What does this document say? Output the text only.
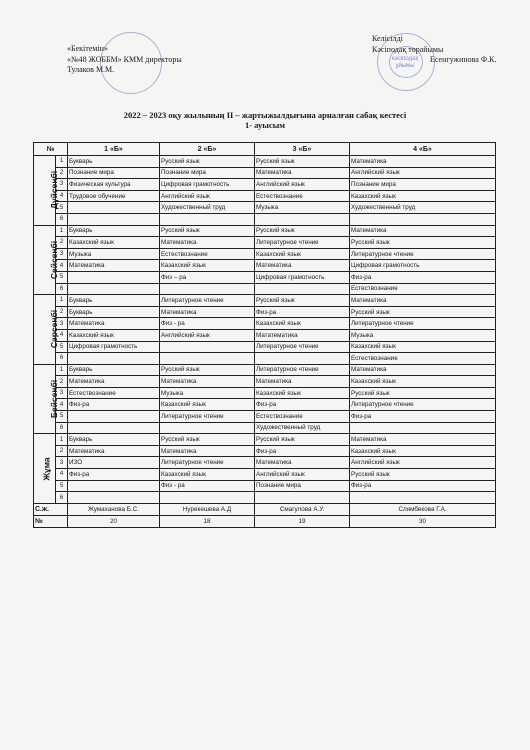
кәсіподақ ұйымы
«Бекітемін»
«№48 ЖОББМ» КММ директоры
Тулаков М.М.
Келісілді
Кәсіподақ төрайымы
Есенгужинова Ф.К.
2022 – 2023 оқу жылының II – жартыжылдығына арналған сабақ кестесі
1- ауысым
№		1 «Б»	2 «Б»	3 «Б»	4 «Б»
Дүйсенбі	1	Букварь	Русский язык	Русский язык	Математика
	2	Познание мира	Познание мира	Математика	Английский язык
	3	Физическая культура	Цифровая грамотность	Английский язык	Познание мира
	4	Трудовое обучение	Английский язык	Естествознание	Казахский язык
	5		Художественный труд	Музыка	Художественный труд
	6				
Сейсенбі	1	Букварь	Русский язык	Русский язык	Математика
	2	Казахский язык	Математика	Литературное чтение	Русский язык
	3	Музыка	Естествознание	Казахский язык	Литературное чтение
	4	Математика	Казахский язык	Математика	Цифровая грамотность
	5		Физ – ра	Цифровая грамотность	Физ-ра
	6				Естествознание
Сәрсенбі	1	Букварь	Литературное чтение	Русский язык	Математика
	2	Букварь	Математика	Физ-ра	Русский язык
	3	Математика	Физ - ра	Казахский язык	Литературное чтение
	4	Казахский язык	Английский язык	Мататематика	Музыка
	5	Цифровая грамотность		Литературное чтение	Казахский язык
	6				Естествознание
Бейсенбі	1	Букварь	Русский язык	Литературное чтение	Математика
	2	Математика	Математика	Математика	Казахский язык
	3	Естествознание	Музыка	Казахский язык	Русский язык
	4	Физ-ра	Казахский язык	Физ-ра	Литературное чтение
	5		Литературное чтение	Естествознание	Физ-ра
	6			Художественный труд	
Жұма	1	Букварь	Русский язык	Русский язык	Математика
	2	Математика	Математика	Физ-ра	Казахский язык
	3	ИЗО	Литературное чтение	Математика	Английский язык
	4	Физ-ра	Казахский язык	Английский язык	Русский язык
	5		Физ - ра	Познание мира	Физ-ра
	6				
С.ж.		Жумаханова Б.С.	Нурекешева А.Д	Смагулова А.У.	Слямбекова Г.А.
№		20	18	19	30
